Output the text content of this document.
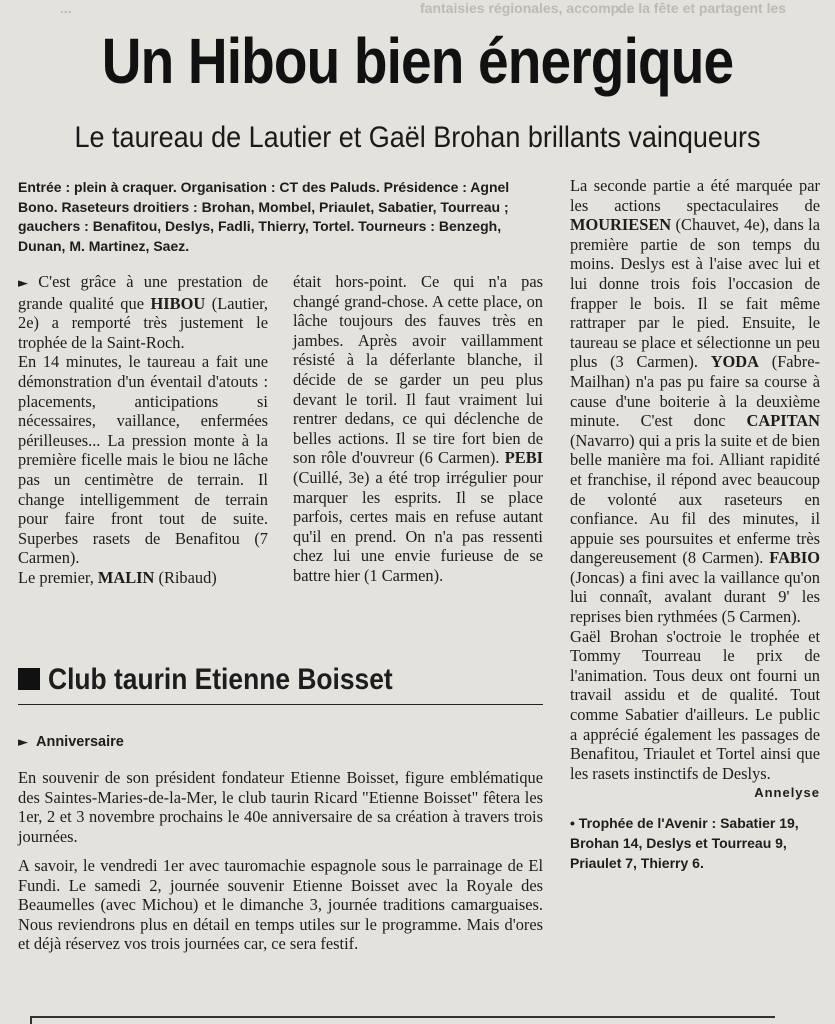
...	fantaisies régionales, accomp...
de la fête et partagent les
Un Hibou bien énergique
Le taureau de Lautier et Gaël Brohan brillants vainqueurs
Entrée : plein à craquer. Organisation : CT des Paluds. Présidence : Agnel Bono. Raseteurs droitiers : Brohan, Mombel, Priaulet, Sabatier, Tourreau ; gauchers : Benafitou, Deslys, Fadli, Thierry, Tortel. Tourneurs : Benzegh, Dunan, M. Martinez, Saez.

► C'est grâce à une prestation de grande qualité que HIBOU (Lautier, 2e) a remporté très justement le trophée de la Saint-Roch.

En 14 minutes, le taureau a fait une démonstration d'un éventail d'atouts : placements, anticipations si nécessaires, vaillance, enfermées périlleuses... La pression monte à la première ficelle mais le biou ne lâche pas un centimètre de terrain. Il change intelligemment de terrain pour faire front tout de suite. Superbes rasets de Benafitou (7 Carmen).

Le premier, MALIN (Ribaud)

était hors-point. Ce qui n'a pas changé grand-chose. A cette place, on lâche toujours des fauves très en jambes. Après avoir vaillamment résisté à la déferlante blanche, il décide de se garder un peu plus devant le toril. Il faut vraiment lui rentrer dedans, ce qui déclenche de belles actions. Il se tire fort bien de son rôle d'ouvreur (6 Carmen). PEBI (Cuillé, 3e) a été trop irrégulier pour marquer les esprits. Il se place parfois, certes mais en refuse autant qu'il en prend. On n'a pas ressenti chez lui une envie furieuse de se battre hier (1 Carmen).

La seconde partie a été marquée par les actions spectaculaires de MOURIESEN (Chauvet, 4e), dans la première partie de son temps du moins. Deslys est à l'aise avec lui et lui donne trois fois l'occasion de frapper le bois. Il se fait même rattraper par le pied. Ensuite, le taureau se place et sélectionne un peu plus (3 Carmen). YODA (Fabre-Mailhan) n'a pas pu faire sa course à cause d'une boiterie à la deuxième minute. C'est donc CAPITAN (Navarro) qui a pris la suite et de bien belle manière ma foi. Alliant rapidité et franchise, il répond avec beaucoup de volonté aux raseteurs en confiance. Au fil des minutes, il appuie ses poursuites et enferme très dangereusement (8 Carmen). FABIO (Joncas) a fini avec la vaillance qu'on lui connaît, avalant durant 9' les reprises bien rythmées (5 Carmen).

Gaël Brohan s'octroie le trophée et Tommy Tourreau le prix de l'animation. Tous deux ont fourni un travail assidu et de qualité. Tout comme Sabatier d'ailleurs. Le public a apprécié également les passages de Benafitou, Triaulet et Tortel ainsi que les rasets instinctifs de Deslys.
Annelyse

• Trophée de l'Avenir : Sabatier 19, Brohan 14, Deslys et Tourreau 9, Priaulet 7, Thierry 6.

Club taurin Etienne Boisset
► Anniversaire

En souvenir de son président fondateur Etienne Boisset, figure emblématique des Saintes-Maries-de-la-Mer, le club taurin Ricard "Etienne Boisset" fêtera les 1er, 2 et 3 novembre prochains le 40e anniversaire de sa création à travers trois journées.

A savoir, le vendredi 1er avec tauromachie espagnole sous le parrainage de El Fundi. Le samedi 2, journée souvenir Etienne Boisset avec la Royale des Beaumelles (avec Michou) et le dimanche 3, journée traditions camarguaises. Nous reviendrons plus en détail en temps utiles sur le programme. Mais d'ores et déjà réservez vos trois journées car, ce sera festif.
